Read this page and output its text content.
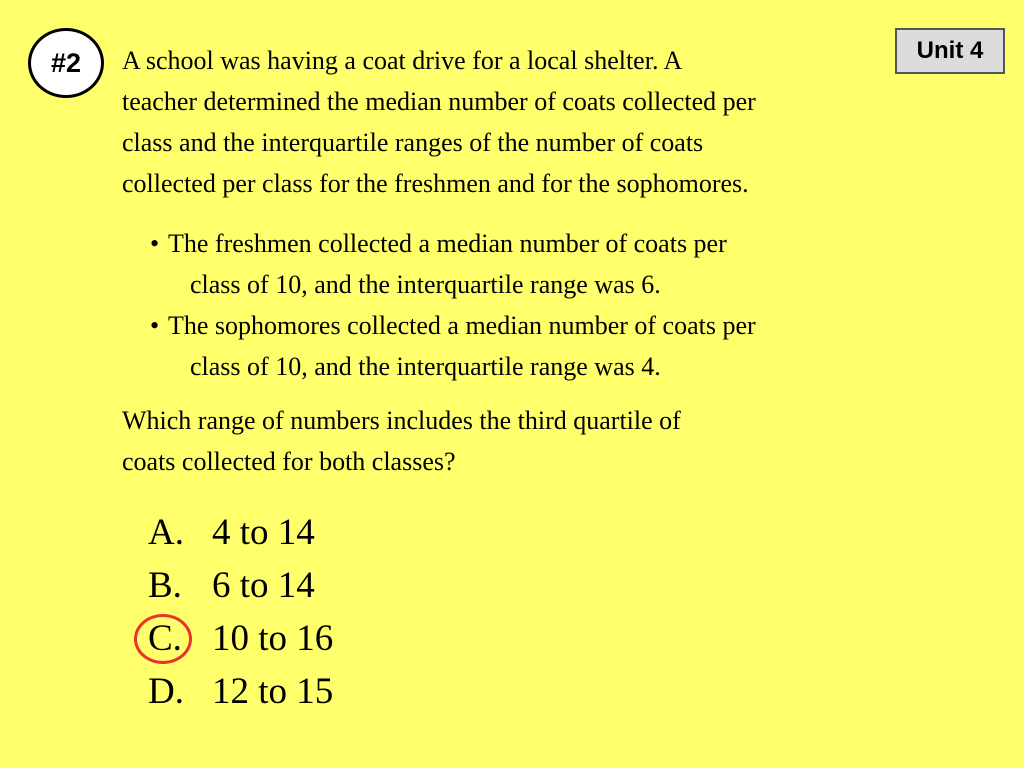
#2	Unit 4

A school was having a coat drive for a local shelter. A
teacher determined the median number of coats collected per
class and the interquartile ranges of the number of coats
collected per class for the freshmen and for the sophomores.

• The freshmen collected a median number of coats per
class of 10, and the interquartile range was 6.
• The sophomores collected a median number of coats per
class of 10, and the interquartile range was 4.

Which range of numbers includes the third quartile of
coats collected for both classes?

A. 4 to 14
B. 6 to 14
C. 10 to 16
D. 12 to 15
